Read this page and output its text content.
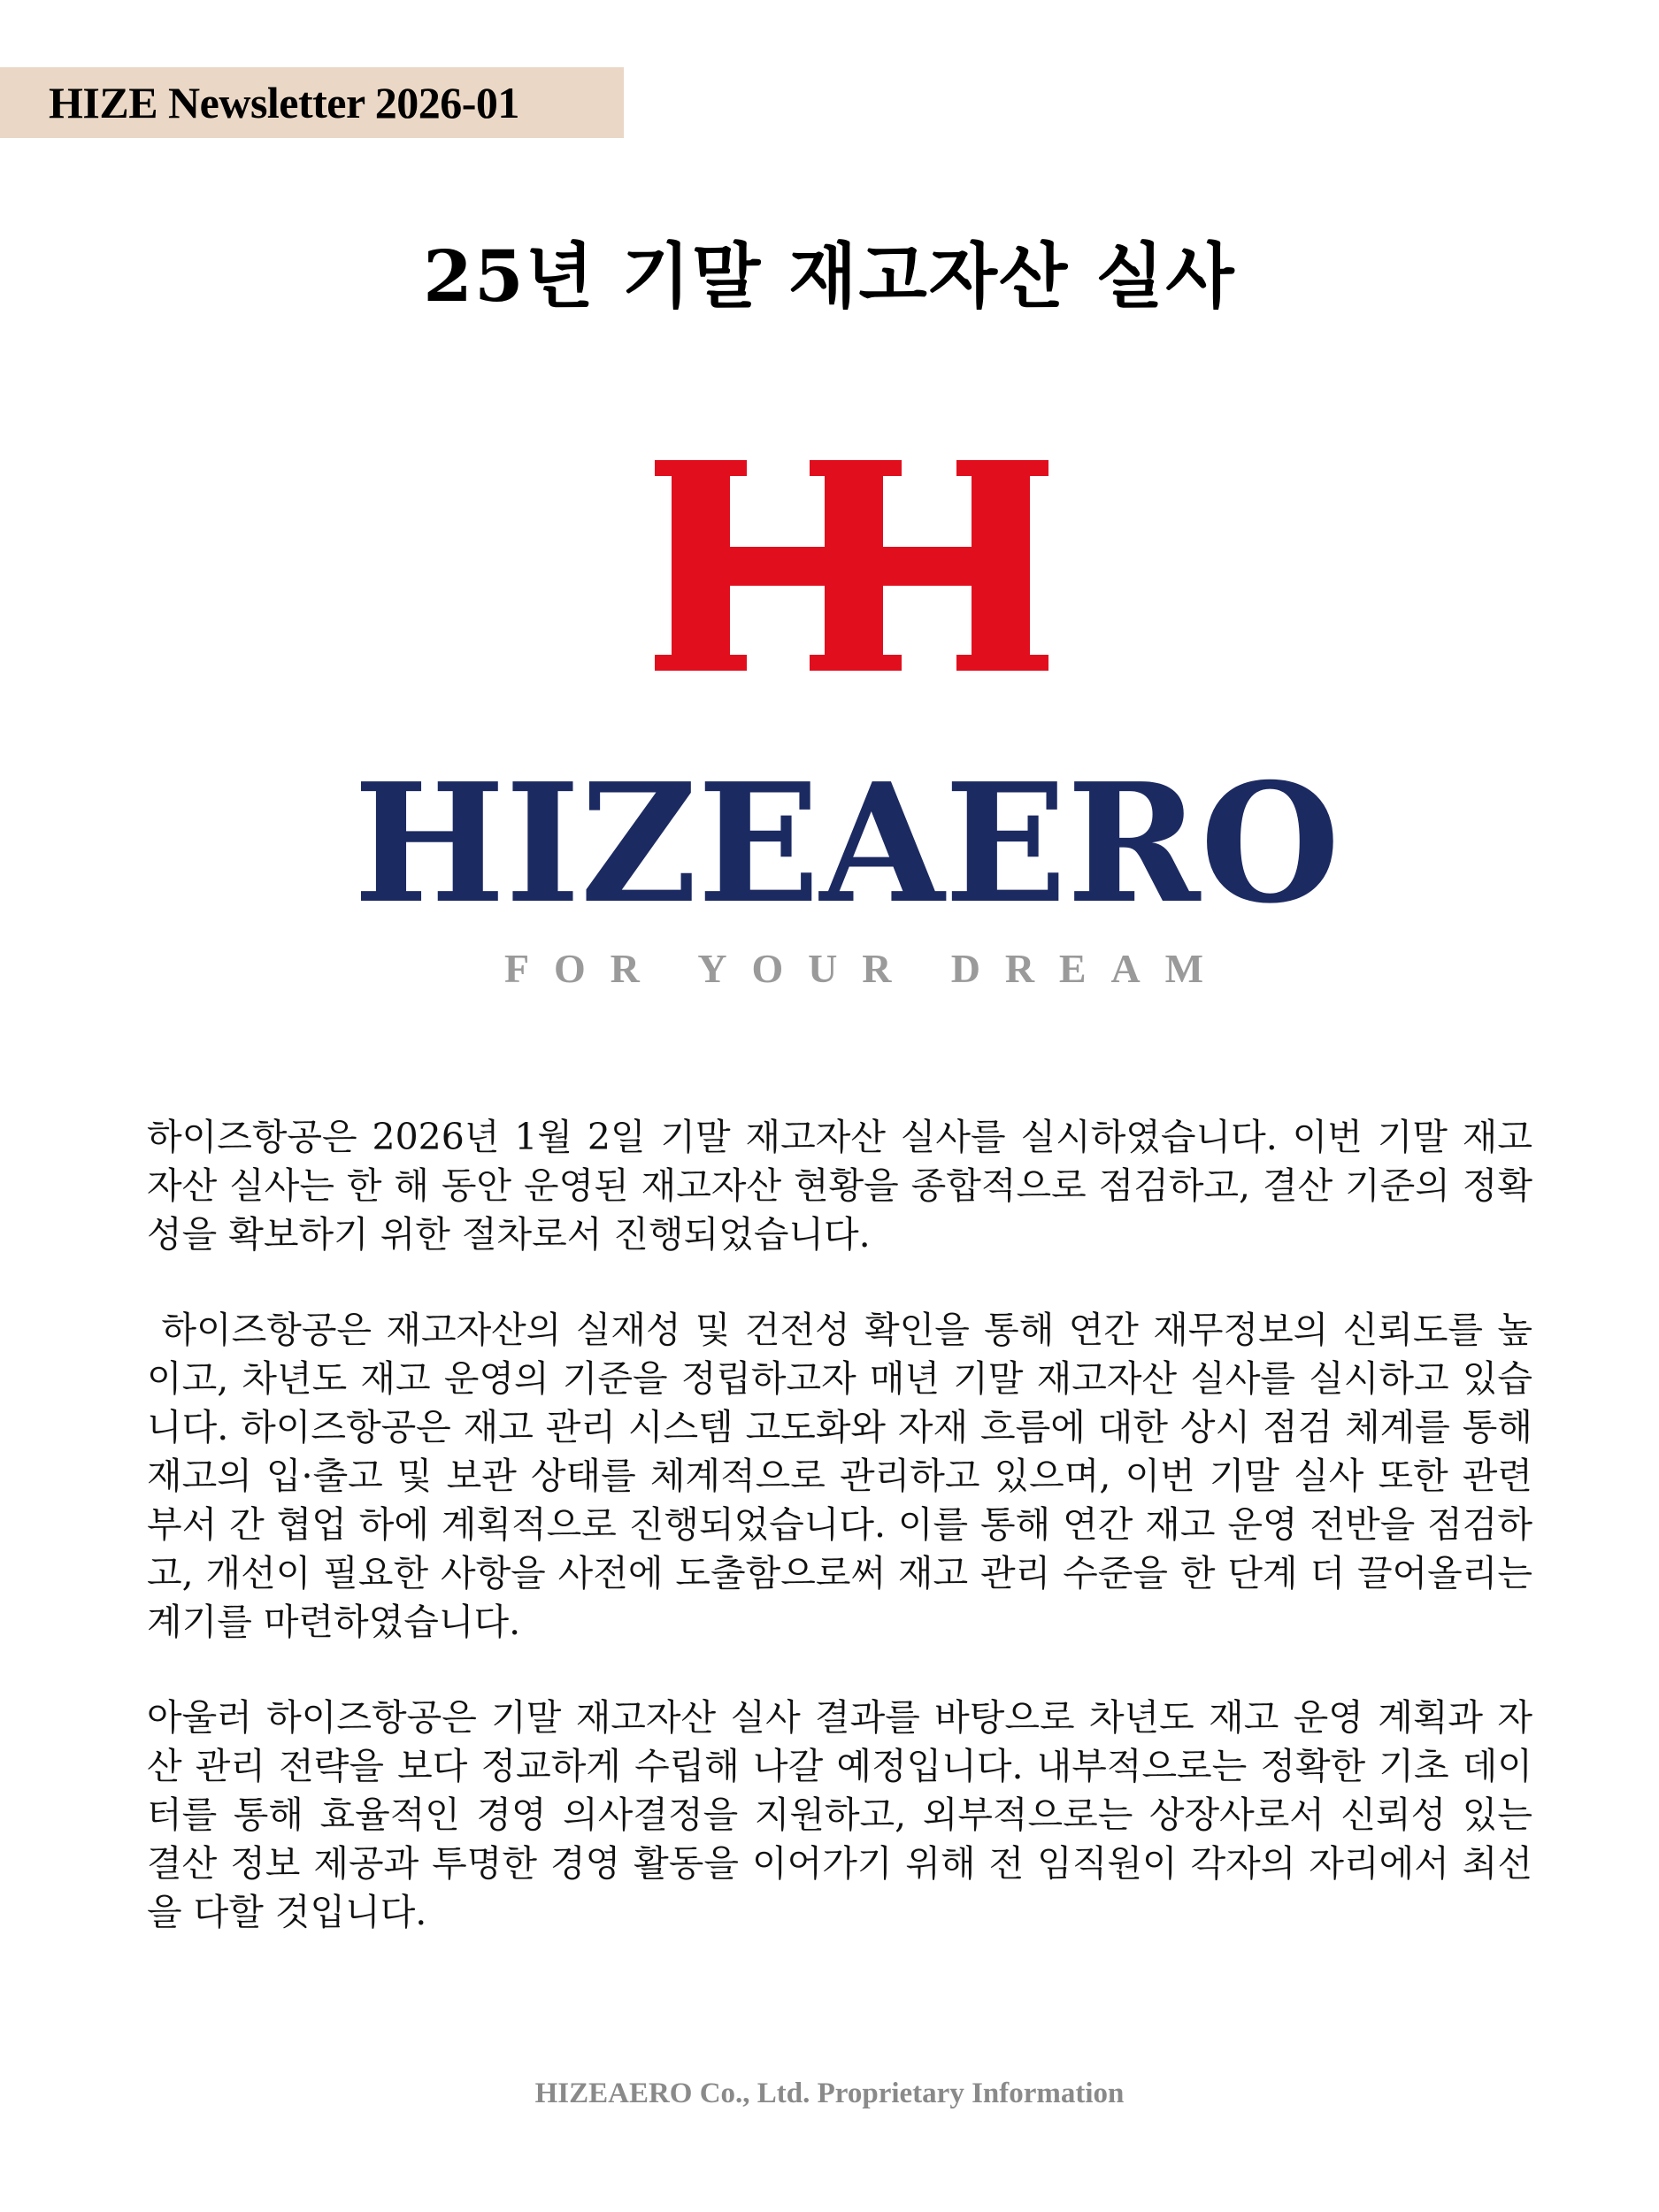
HIZE Newsletter 2026-01
25년 기말 재고자산 실사
HIZEAERO
FOR YOUR DREAM

하이즈항공은 2026년 1월 2일 기말 재고자산 실사를 실시하였습니다. 이번 기말 재고자산 실사는 한 해 동안 운영된 재고자산 현황을 종합적으로 점검하고, 결산 기준의 정확성을 확보하기 위한 절차로서 진행되었습니다.

하이즈항공은 재고자산의 실재성 및 건전성 확인을 통해 연간 재무정보의 신뢰도를 높이고, 차년도 재고 운영의 기준을 정립하고자 매년 기말 재고자산 실사를 실시하고 있습니다. 하이즈항공은 재고 관리 시스템 고도화와 자재 흐름에 대한 상시 점검 체계를 통해 재고의 입·출고 및 보관 상태를 체계적으로 관리하고 있으며, 이번 기말 실사 또한 관련 부서 간 협업 하에 계획적으로 진행되었습니다. 이를 통해 연간 재고 운영 전반을 점검하고, 개선이 필요한 사항을 사전에 도출함으로써 재고 관리 수준을 한 단계 더 끌어올리는 계기를 마련하였습니다.

아울러 하이즈항공은 기말 재고자산 실사 결과를 바탕으로 차년도 재고 운영 계획과 자산 관리 전략을 보다 정교하게 수립해 나갈 예정입니다. 내부적으로는 정확한 기초 데이터를 통해 효율적인 경영 의사결정을 지원하고, 외부적으로는 상장사로서 신뢰성 있는 결산 정보 제공과 투명한 경영 활동을 이어가기 위해 전 임직원이 각자의 자리에서 최선을 다할 것입니다.

HIZEAERO Co., Ltd. Proprietary Information
